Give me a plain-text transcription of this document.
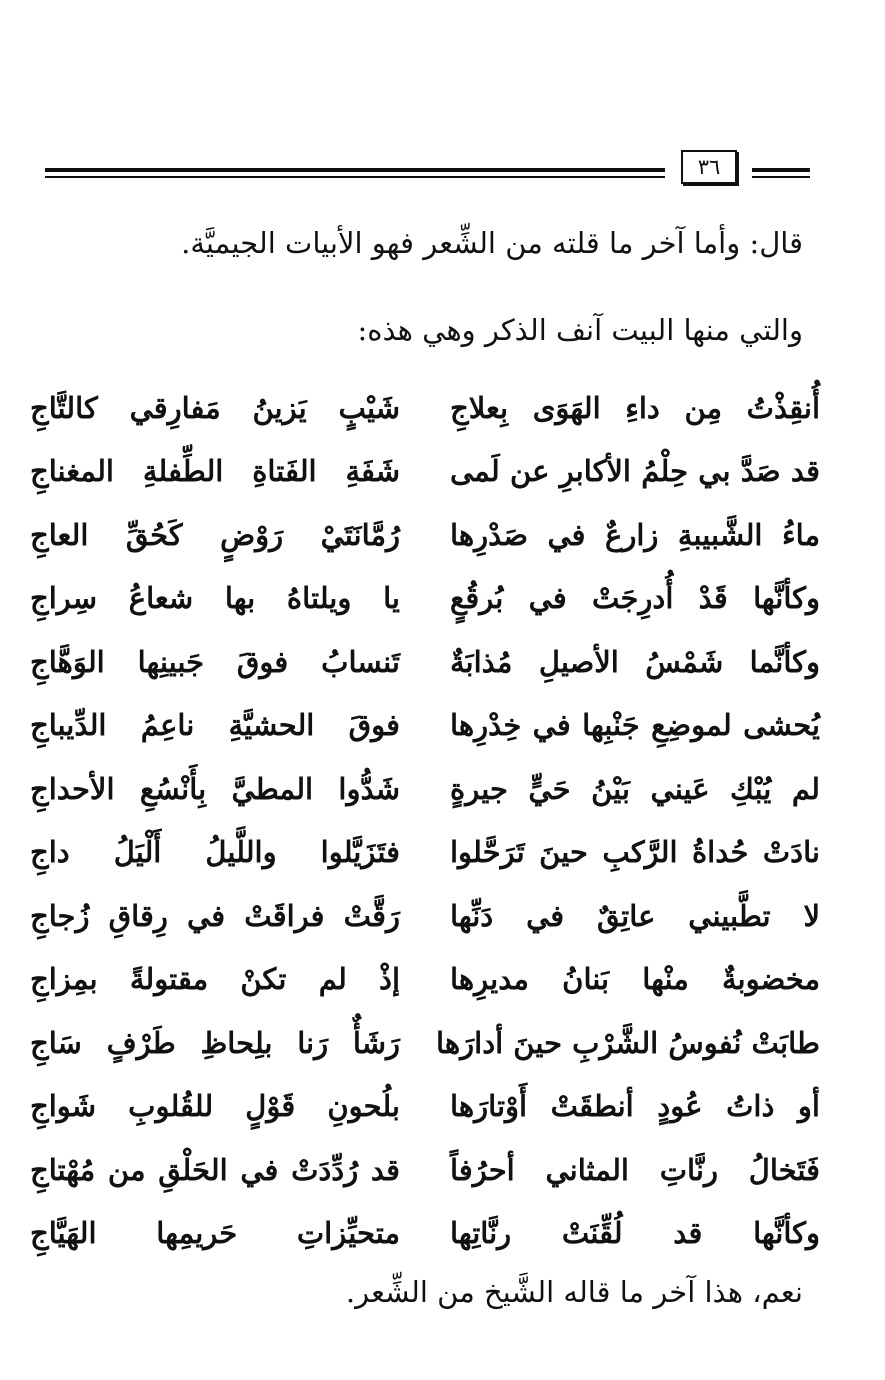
٣٦
قال: وأما آخر ما قلته من الشِّعر فهو الأبيات الجيميَّة.
والتي منها البيت آنف الذكر وهي هذه:
أُنقِذْتُ مِن داءِ الهَوَى بِعلاجِ
شَيْبٍ يَزينُ مَفارِقي كالتَّاجِ
قد صَدَّ بي حِلْمُ الأكابرِ عن لَمى
شَفَةِ الفَتاةِ الطِّفلةِ المغناجِ
ماءُ الشَّبيبةِ زارعٌ في صَدْرِها
رُمَّانَتَيْ رَوْضٍ كَحُقِّ العاجِ
وكأنَّها قَدْ أُدرِجَتْ في بُرقُعٍ
يا ويلتاهُ بها شعاعُ سِراجِ
وكأنَّما شَمْسُ الأصيلِ مُذابَةٌ
تَنسابُ فوقَ جَبينِها الوَهَّاجِ
يُحشى لموضِعِ جَنْبِها في خِدْرِها
فوقَ الحشيَّةِ ناعِمُ الدِّيباجِ
لم يُبْكِ عَيني بَيْنُ حَيٍّ جيرةٍ
شَدُّوا المطيَّ بِأَنْسُعِ الأحداجِ
نادَتْ حُداةُ الرَّكبِ حينَ تَرَحَّلوا
فتَزَيَّلوا واللَّيلُ أَلْيَلُ داجِ
لا تطَّبيني عاتِقٌ في دَنِّها
رَقَّتْ فراقَتْ في رِقاقِ زُجاجِ
مخضوبةٌ منْها بَنانُ مديرِها
إذْ لم تكنْ مقتولةً بمِزاجِ
طابَتْ نُفوسُ الشَّرْبِ حينَ أدارَها
رَشَأٌ رَنا بلِحاظِ طَرْفٍ سَاجِ
أو ذاتُ عُودٍ أنطقَتْ أَوْتارَها
بلُحونِ قَوْلٍ للقُلوبِ شَواجِ
فَتَخالُ رنَّاتِ المثاني أحرُفاً
قد رُدِّدَتْ في الحَلْقِ من مُهْتاجِ
وكأنَّها قد لُقِّنَتْ رنَّاتِها
متحيِّزاتِ حَريمِها الهَيَّاجِ
نعم، هذا آخر ما قاله الشَّيخ من الشِّعر.
